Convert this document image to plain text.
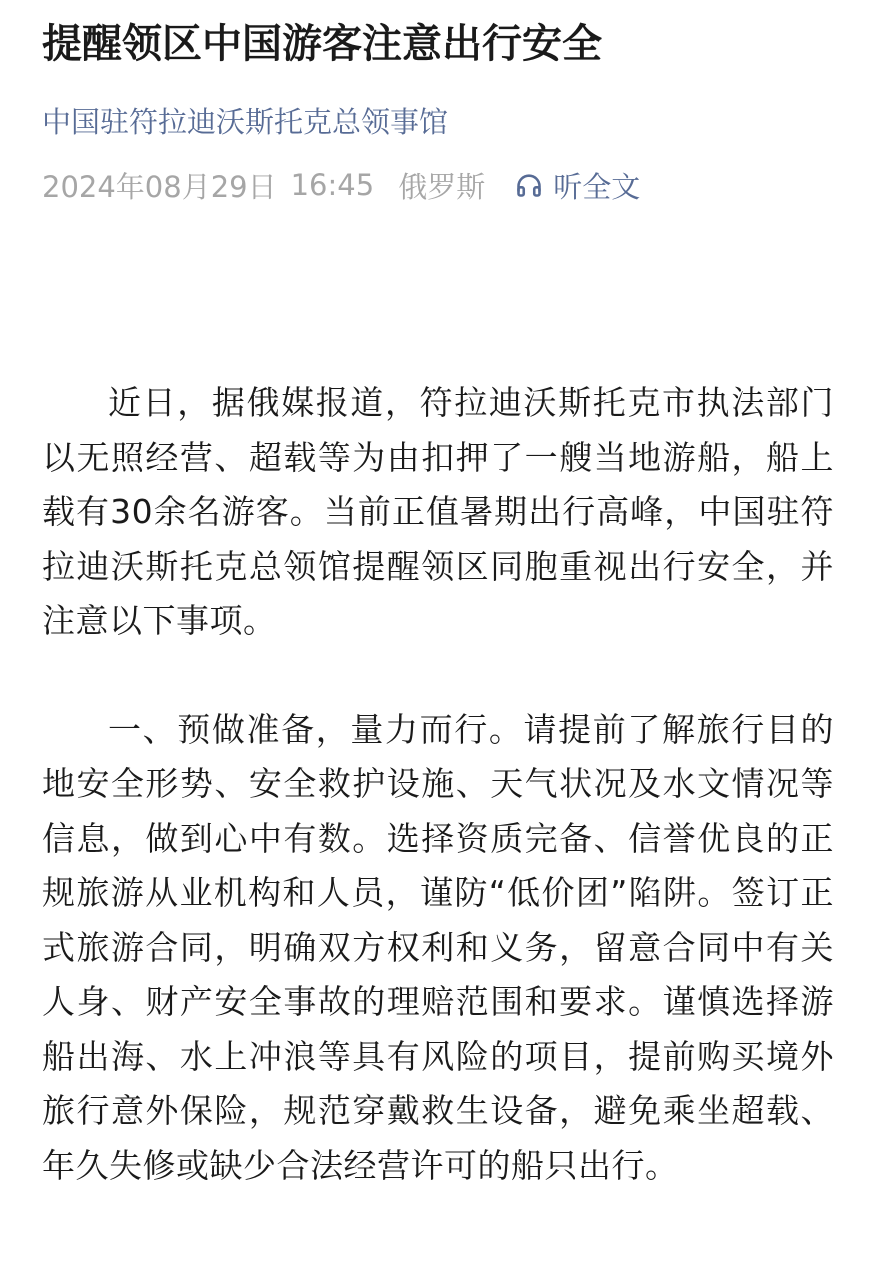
提醒领区中国游客注意出行安全
中国驻符拉迪沃斯托克总领事馆
2024年08月29日 16:45 俄罗斯 听全文

近日，据俄媒报道，符拉迪沃斯托克市执法部门以无照经营、超载等为由扣押了一艘当地游船，船上载有30余名游客。当前正值暑期出行高峰，中国驻符拉迪沃斯托克总领馆提醒领区同胞重视出行安全，并注意以下事项。

一、预做准备，量力而行。请提前了解旅行目的地安全形势、安全救护设施、天气状况及水文情况等信息，做到心中有数。选择资质完备、信誉优良的正规旅游从业机构和人员，谨防“低价团”陷阱。签订正式旅游合同，明确双方权利和义务，留意合同中有关人身、财产安全事故的理赔范围和要求。谨慎选择游船出海、水上冲浪等具有风险的项目，提前购买境外旅行意外保险，规范穿戴救生设备，避免乘坐超载、年久失修或缺少合法经营许可的船只出行。
